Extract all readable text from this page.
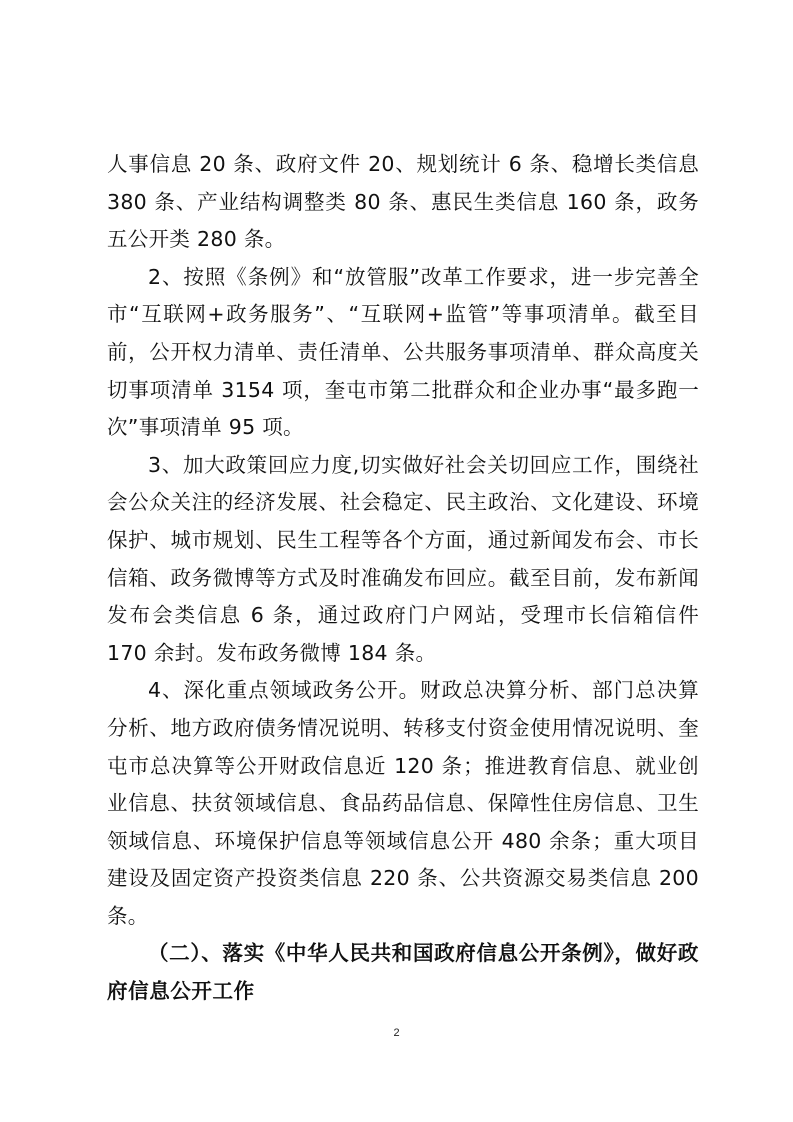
人事信息 20 条、政府文件 20、规划统计 6 条、稳增长类信息 380 条、产业结构调整类 80 条、惠民生类信息 160 条，政务五公开类 280 条。

2、按照《条例》和“放管服”改革工作要求，进一步完善全市“互联网+政务服务”、“互联网+监管”等事项清单。截至目前，公开权力清单、责任清单、公共服务事项清单、群众高度关切事项清单 3154 项，奎屯市第二批群众和企业办事“最多跑一次”事项清单 95 项。

3、加大政策回应力度,切实做好社会关切回应工作，围绕社会公众关注的经济发展、社会稳定、民主政治、文化建设、环境保护、城市规划、民生工程等各个方面，通过新闻发布会、市长信箱、政务微博等方式及时准确发布回应。截至目前，发布新闻发布会类信息 6 条，通过政府门户网站，受理市长信箱信件 170 余封。发布政务微博 184 条。

4、深化重点领域政务公开。财政总决算分析、部门总决算分析、地方政府债务情况说明、转移支付资金使用情况说明、奎屯市总决算等公开财政信息近 120 条；推进教育信息、就业创业信息、扶贫领域信息、食品药品信息、保障性住房信息、卫生领域信息、环境保护信息等领域信息公开 480 余条；重大项目建设及固定资产投资类信息 220 条、公共资源交易类信息 200 条。

（二）、落实《中华人民共和国政府信息公开条例》，做好政府信息公开工作

2
